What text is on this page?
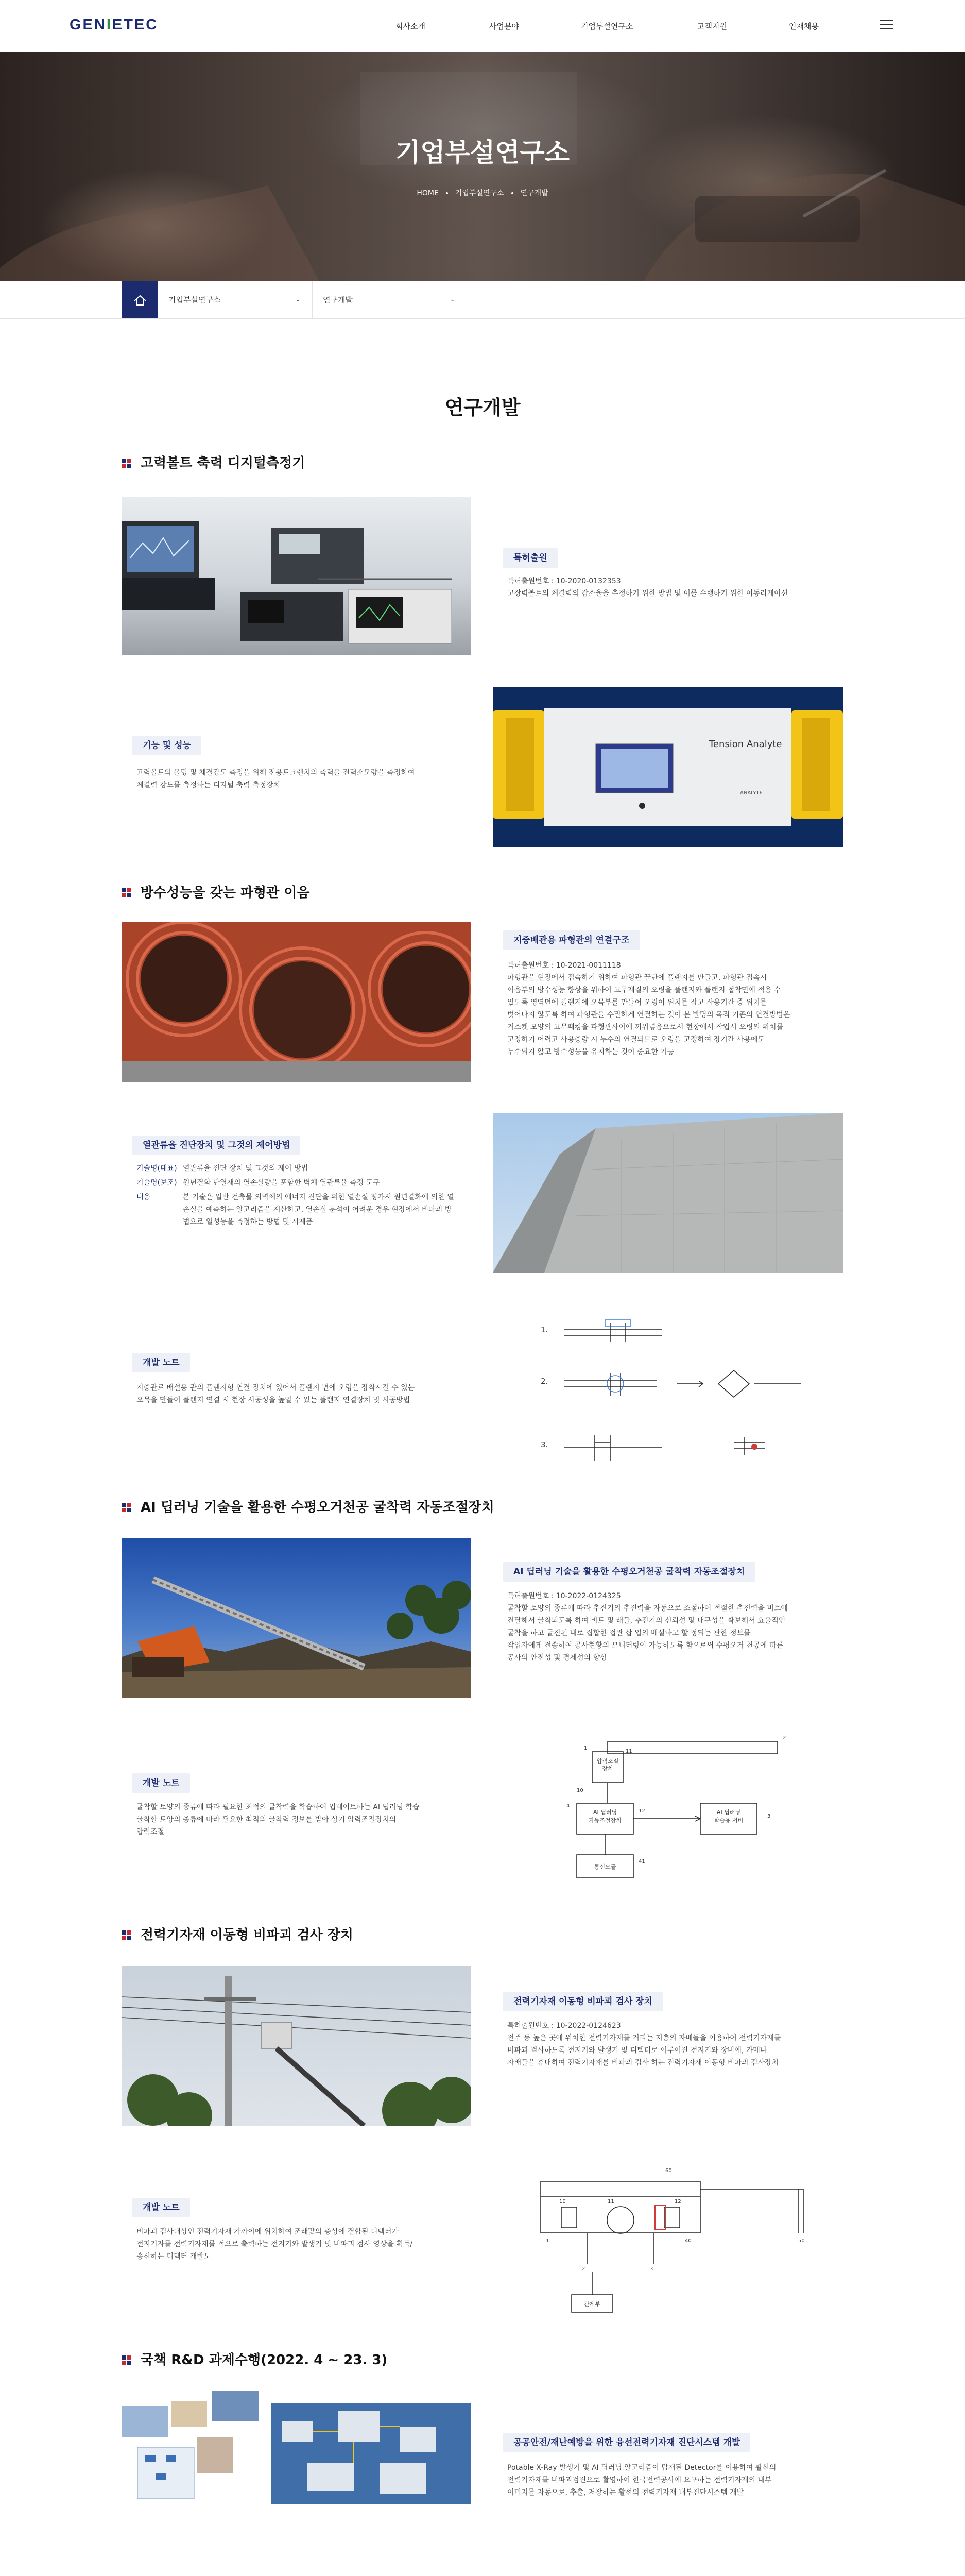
GENIETEC	회사소개	사업분야	기업부설연구소	고객지원	인재채용
기업부설연구소
HOME 기업부설연구소 연구개발
기업부설연구소	⌄	연구개발	⌄
연구개발
고력볼트 축력 디지털측정기
특허출원
특허출원번호 : 10-2020-0132353
고장력볼트의 체결력의 감소율을 추정하기 위한 방법 및 이를 수행하기 위한 이동리케이션
기능 및 성능
고력볼트의 볼팅 및 체결강도 측정을 위해 전용토크렌치의 축력을 전력소모량을 측정하여
체결력 강도를 측정하는 디지털 축력 측정장치
Tension Analyte
ANALYTE
방수성능을 갖는 파형관 이음
지중배관용 파형관의 연결구조
특허출원번호 : 10-2021-0011118
파형관을 현장에서 접속하기 위하여 파형관 끝단에 플랜지를 만들고, 파형관 접속시
이음부의 방수성능 향상을 위하여 고무재질의 오링을 플랜지와 플랜지 접착면에 적용 수
있도록 영역면에 플랜지에 오목부를 만들어 오링이 위치를 잡고 사용기간 중 위치를
벗어나지 않도록 하여 파형관을 수밀하게 연결하는 것이 본 발명의 목적 기존의 연결방법은
거스켓 모양의 고무패킹을 파형관사이에 끼워넣음으로서 현장에서 작업시 오링의 위치를
고정하기 어렵고 사용중량 시 누수의 연결되므로 오링을 고정하여 장기간 사용에도
누수되지 않고 방수성능을 유지하는 것이 중요한 기능
열관류율 진단장치 및 그것의 제어방법
기술명(대표)	열관류율 진단 장치 및 그것의 제어 방법
기술명(보조)	원년결화 단열재의 열손실량을 포함한 벽체 열관류율 측정 도구
내용	본 기술은 일반 건축물 외벽체의 에너지 진단을 위한 열손실 평가시 원년결화에 의한 열손실을 예측하는 알고리즘을 계산하고, 열손실 분석이 어려운 경우 현장에서 비파괴 방법으로 열성능을 측정하는 방법 및 시제품
개발 노트
지중관로 배설용 관의 플랜지형 연결 장치에 있어서 플랜지 면에 오링을 장착시킬 수 있는
오목을 만들어 플랜지 연결 시 현장 시공성을 높일 수 있는 플랜지 연결장치 및 시공방법
1.
2.
3.
AI 딥러닝 기술을 활용한 수평오거천공 굴착력 자동조절장치
AI 딥러닝 기술을 활용한 수평오거천공 굴착력 자동조절장치
특허출원번호 : 10-2022-0124325
굴착할 토양의 종류에 따라 추진기의 추진력을 자동으로 조절하여 적절한 추진력을 비트에
전달해서 굴착되도록 하여 비트 및 래들, 추진기의 신뢰성 및 내구성을 확보해서 효율적인
굴착을 하고 굴진된 내로 집합한 접관 삽 입의 배설하고 할 정되는 관한 정보를
작업자에게 전송하여 공사현황의 모니터링이 가능하도록 함으로써 수평오거 천공에 따른
공사의 안전성 및 경제성의 향상
개발 노트
굴착할 토양의 종류에 따라 필요한 최적의 굴착력을 학습하여 업데이트하는 AI 딥러닝 학습
굴착할 토양의 종류에 따라 필요한 최적의 굴착력 정보를 받아 상기 압력조절장치의
압력조절
압력조절
장치
AI 딥러닝
자동조절장치
AI 딥러닝
학습용 서버
통신모듈
1
2
3
4
10
11
12
41
전력기자재 이동형 비파괴 검사 장치
전력기자재 이동형 비파괴 검사 장치
특허출원번호 : 10-2022-0124623
전주 등 높은 곳에 위치한 전력기자재를 거리는 저층의 자배들을 이용하여 전력기자재를
비파괴 검사하도록 전지기와 발생기 및 디텍터로 이루어진 전지기와 장비에, 카메나
자배들을 휴대하여 전력기자재를 비파괴 검사 하는 전력기자재 이동형 비파괴 검사장치
개발 노트
비파괴 검사대상인 전력기자재 가까이에 위치하여 조래맞의 충상에 결합된 디텍터가
전지기자를 전력기자재를 적으로 출력하는 전지기와 발생기 및 비파괴 검사 영상을 획득/
송신하는 디텍터 개발도
60
1
2	3
10	11	12
40	50
관제부
국책 R&D 과제수행(2022. 4 ~ 23. 3)
공공안전/재난예방을 위한 융선전력기자재 진단시스템 개발
Potable X-Ray 발생기 및 AI 딥러닝 알고리즘이 탑재된 Detector를 이용하여 활선의
전력기자재를 비파괴검진으로 촬영하여 한국전력공사에 요구하는 전력기자재의 내부
이미지를 자동으로, 추출, 저장하는 활선의 전력기자재 내부진단시스템 개발
